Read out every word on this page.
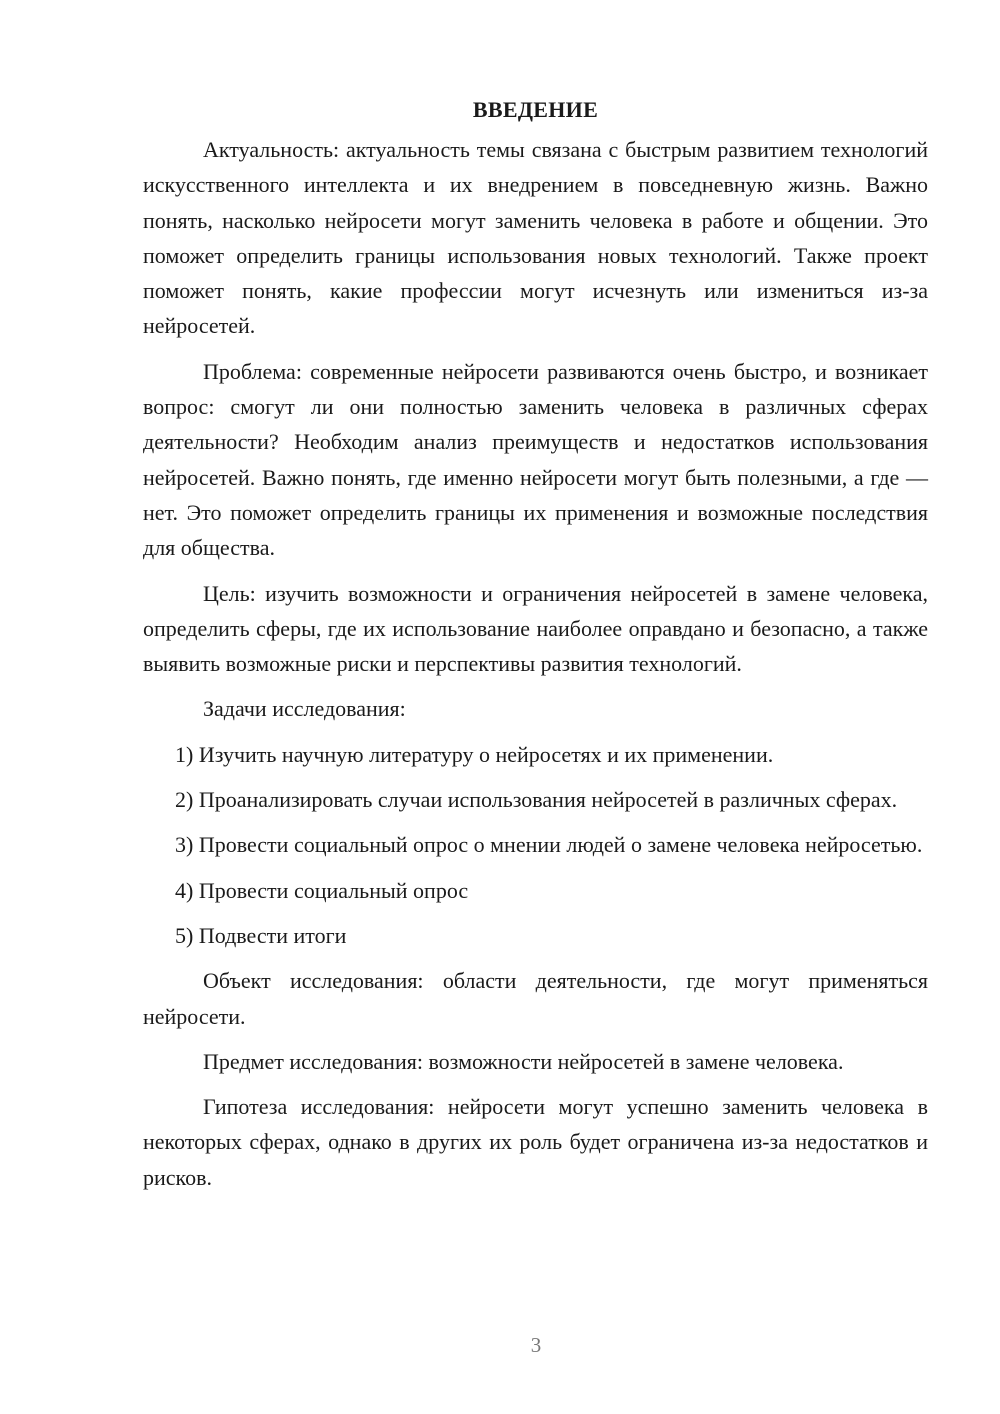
ВВЕДЕНИЕ

Актуальность: актуальность темы связана с быстрым развитием технологий искусственного интеллекта и их внедрением в повседневную жизнь. Важно понять, насколько нейросети могут заменить человека в работе и общении. Это поможет определить границы использования новых технологий. Также проект поможет понять, какие профессии могут исчезнуть или измениться из-за нейросетей.

Проблема: современные нейросети развиваются очень быстро, и возникает вопрос: смогут ли они полностью заменить человека в различных сферах деятельности? Необходим анализ преимуществ и недостатков использования нейросетей. Важно понять, где именно нейросети могут быть полезными, а где — нет. Это поможет определить границы их применения и возможные последствия для общества.

Цель: изучить возможности и ограничения нейросетей в замене человека, определить сферы, где их использование наиболее оправдано и безопасно, а также выявить возможные риски и перспективы развития технологий.

Задачи исследования:

1) Изучить научную литературу о нейросетях и их применении.

2) Проанализировать случаи использования нейросетей в различных сферах.

3) Провести социальный опрос о мнении людей о замене человека нейросетью.

4) Провести социальный опрос

5) Подвести итоги

Объект исследования: области деятельности, где могут применяться нейросети.

Предмет исследования: возможности нейросетей в замене человека.

Гипотеза исследования: нейросети могут успешно заменить человека в некоторых сферах, однако в других их роль будет ограничена из-за недостатков и рисков.

3
